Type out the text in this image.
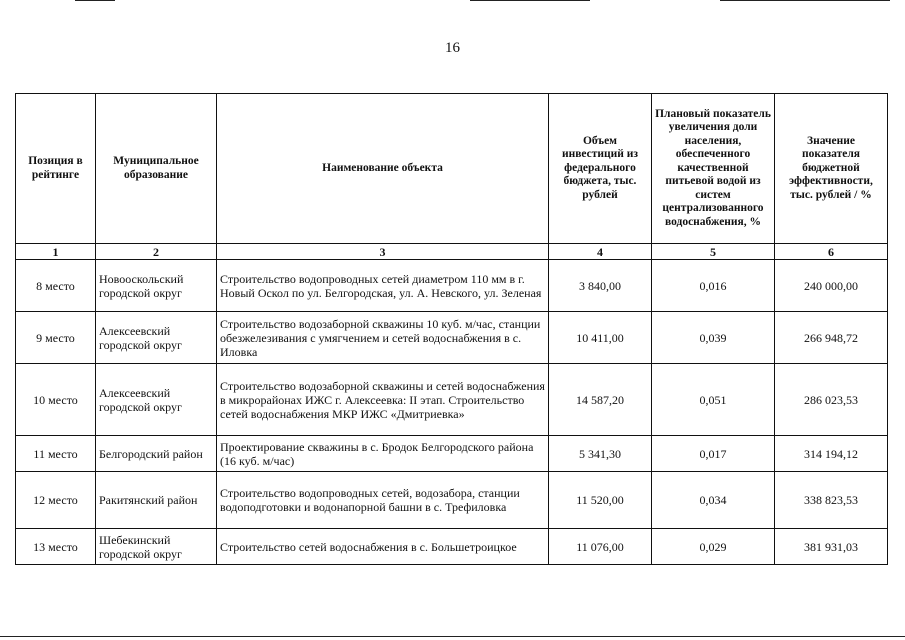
16
Позиция в рейтинге	Муниципальное образование	Наименование объекта	Объем инвестиций из федерального бюджета, тыс. рублей	Плановый показатель увеличения доли населения, обеспеченного качественной питьевой водой из систем централизованного водоснабжения, %	Значение показателя бюджетной эффективности, тыс. рублей / %
1	2	3	4	5	6
8 место	Новооскольский городской округ	Строительство водопроводных сетей диаметром 110 мм в г. Новый Оскол по ул. Белгородская, ул. А. Невского, ул. Зеленая	3 840,00	0,016	240 000,00
9 место	Алексеевский городской округ	Строительство водозаборной скважины 10 куб. м/час, станции обезжелезивания с умягчением и сетей водоснабжения в с. Иловка	10 411,00	0,039	266 948,72
10 место	Алексеевский городской округ	Строительство водозаборной скважины и сетей водоснабжения в микрорайонах ИЖС г. Алексеевка: II этап. Строительство сетей водоснабжения МКР ИЖС «Дмитриевка»	14 587,20	0,051	286 023,53
11 место	Белгородский район	Проектирование скважины в с. Бродок Белгородского района (16 куб. м/час)	5 341,30	0,017	314 194,12
12 место	Ракитянский район	Строительство водопроводных сетей, водозабора, станции водоподготовки и водонапорной башни в с. Трефиловка	11 520,00	0,034	338 823,53
13 место	Шебекинский городской округ	Строительство сетей водоснабжения в с. Большетроицкое	11 076,00	0,029	381 931,03
